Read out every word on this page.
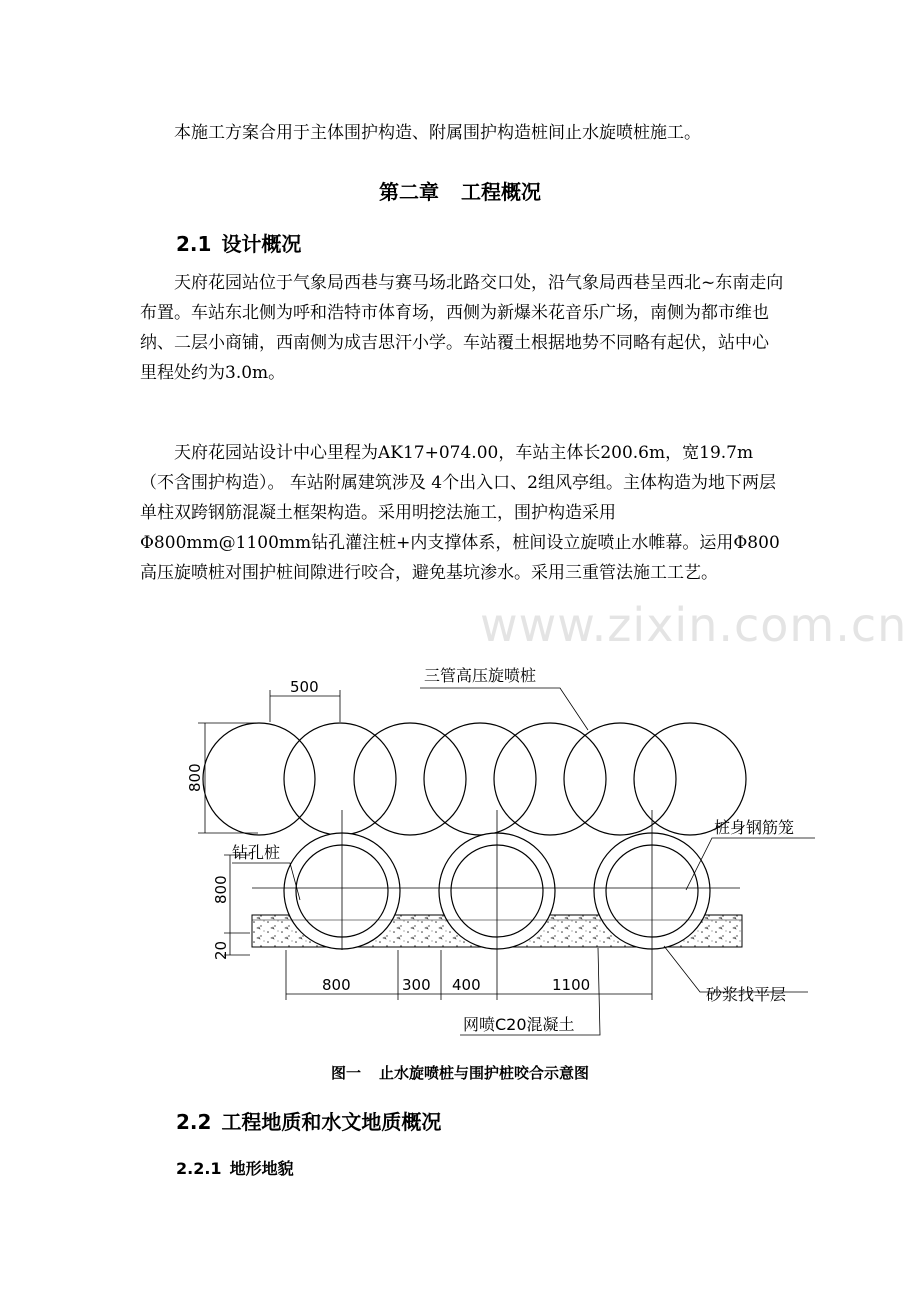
www.zixin.com.cn

本施工方案合用于主体围护构造、附属围护构造桩间止水旋喷桩施工。

第二章 工程概况
2.1 设计概况

天府花园站位于气象局西巷与赛马场北路交口处，沿气象局西巷呈西北~东南走向布置。车站东北侧为呼和浩特市体育场，西侧为新爆米花音乐广场，南侧为都市维也纳、二层小商铺，西南侧为成吉思汗小学。车站覆土根据地势不同略有起伏，站中心里程处约为3.0m。

天府花园站设计中心里程为AK17+074.00，车站主体长200.6m，宽19.7m（不含围护构造）。 车站附属建筑涉及 4个出入口、2组风亭组。主体构造为地下两层单柱双跨钢筋混凝土框架构造。采用明挖法施工，围护构造采用Φ800mm@1100mm钻孔灌注桩+内支撑体系，桩间设立旋喷止水帷幕。运用Φ800高压旋喷桩对围护桩间隙进行咬合，避免基坑渗水。采用三重管法施工工艺。

500
800
800
20
800	300 400	1100
三管高压旋喷桩
桩身钢筋笼
钻孔桩
砂浆找平层
网喷C20混凝土
图一 止水旋喷桩与围护桩咬合示意图
2.2 工程地质和水文地质概况
2.2.1 地形地貌
